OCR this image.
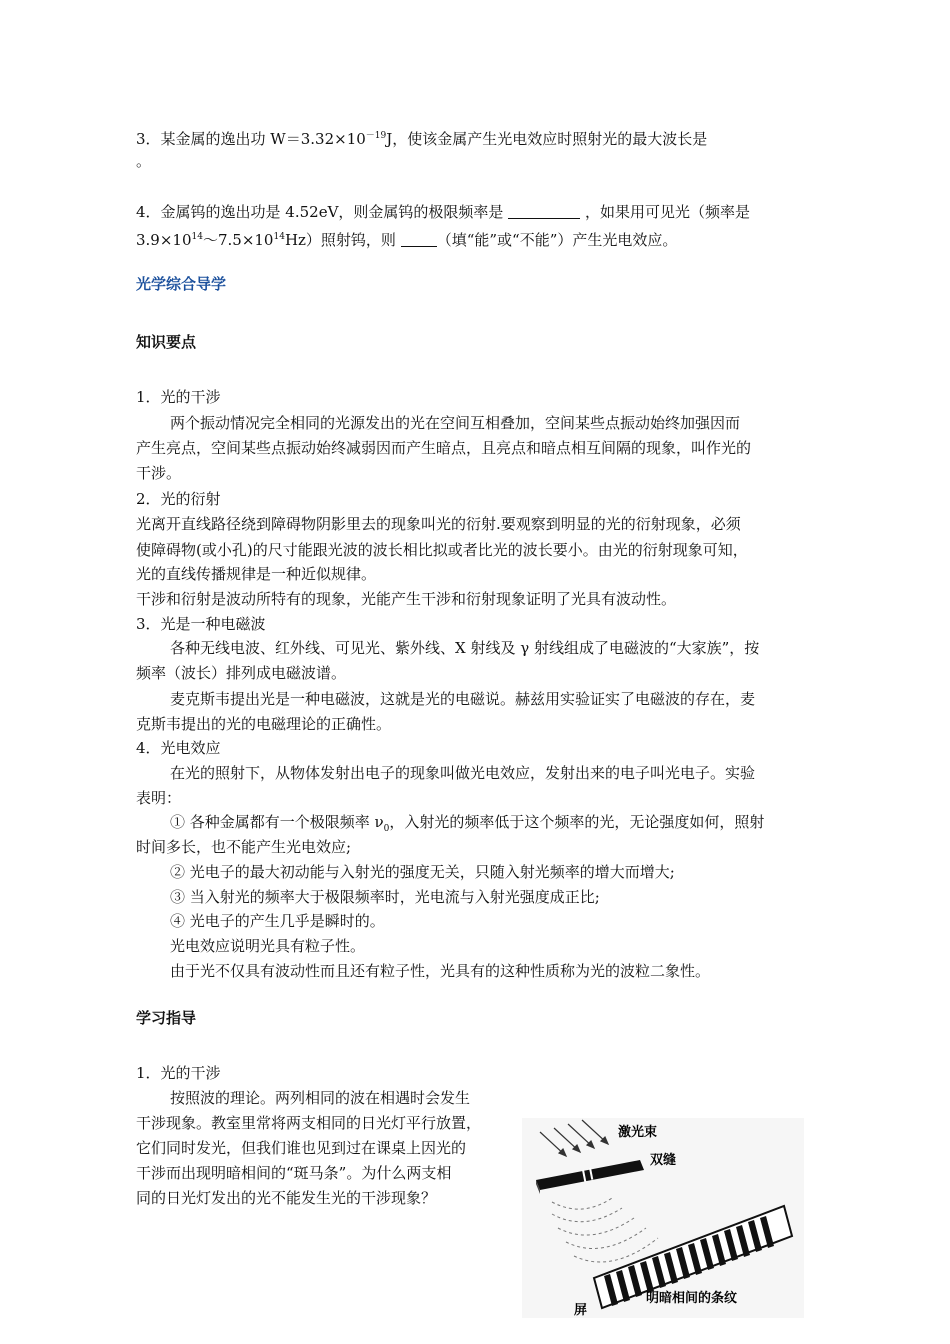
3．某金属的逸出功 $W=3.32\times 10^{-19}J$，使该金属产生光电效应时照射光的最大波长是
。
4．金属钨的逸出功是 4.52eV，则金属钨的极限频率是	，如果用可见光（频率是
$3.9\times 10^{14}\sim 7.5\times 10^{14}Hz$）照射钨，则	（填“能”或“不能”）产生光电效应。
光学综合导学
知识要点
1．光的干涉
两个振动情况完全相同的光源发出的光在空间互相叠加，空间某些点振动始终加强因而
产生亮点，空间某些点振动始终减弱因而产生暗点，且亮点和暗点相互间隔的现象，叫作光的
干涉。
2．光的衍射
光离开直线路径绕到障碍物阴影里去的现象叫光的衍射.要观察到明显的光的衍射现象，必须
使障碍物(或小孔)的尺寸能跟光波的波长相比拟或者比光的波长要小。由光的衍射现象可知，
光的直线传播规律是一种近似规律。
干涉和衍射是波动所特有的现象，光能产生干涉和衍射现象证明了光具有波动性。
3．光是一种电磁波
各种无线电波、红外线、可见光、紫外线、X 射线及 γ 射线组成了电磁波的“大家族”，按
频率（波长）排列成电磁波谱。
麦克斯韦提出光是一种电磁波，这就是光的电磁说。赫兹用实验证实了电磁波的存在，麦
克斯韦提出的光的电磁理论的正确性。
4．光电效应
在光的照射下，从物体发射出电子的现象叫做光电效应，发射出来的电子叫光电子。实验
表明：
① 各种金属都有一个极限频率 $\nu_0$，入射光的频率低于这个频率的光，无论强度如何，照射
时间多长，也不能产生光电效应;
② 光电子的最大初动能与入射光的强度无关，只随入射光频率的增大而增大;
③ 当入射光的频率大于极限频率时，光电流与入射光强度成正比;
④ 光电子的产生几乎是瞬时的。
光电效应说明光具有粒子性。
由于光不仅具有波动性而且还有粒子性，光具有的这种性质称为光的波粒二象性。
学习指导
1．光的干涉
按照波的理论。两列相同的波在相遇时会发生
干涉现象。教室里常将两支相同的日光灯平行放置，
它们同时发光，但我们谁也见到过在课桌上因光的
干涉而出现明暗相间的“斑马条”。为什么两支相
同的日光灯发出的光不能发生光的干涉现象？
激光束
双缝
屏
明暗相间的条纹
